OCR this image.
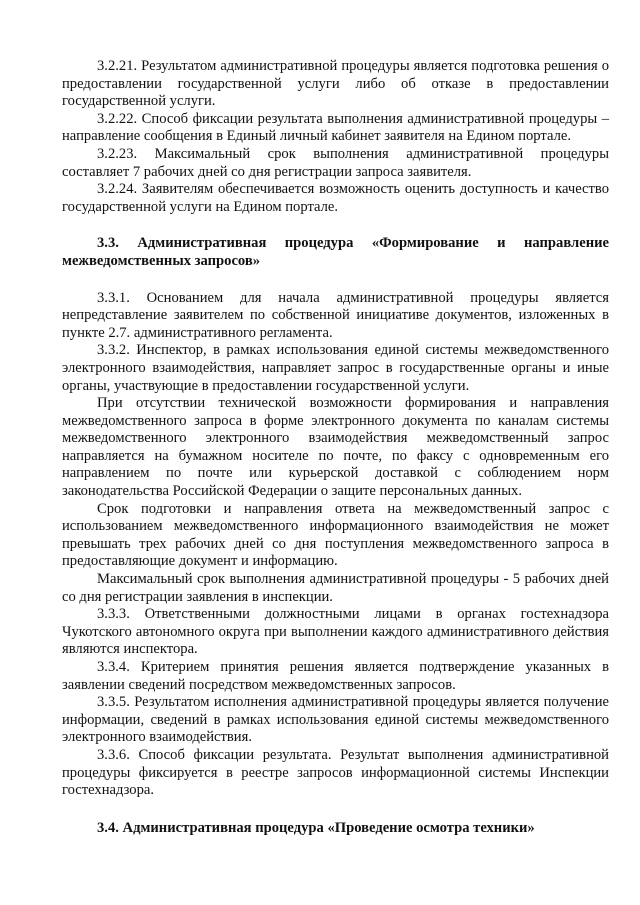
3.2.21. Результатом административной процедуры является подготовка решения о предоставлении государственной услуги либо об отказе в предоставлении государственной услуги.

3.2.22. Способ фиксации результата выполнения административной процедуры – направление сообщения в Единый личный кабинет заявителя на Едином портале.

3.2.23. Максимальный срок выполнения административной процедуры составляет 7 рабочих дней со дня регистрации запроса заявителя.

3.2.24. Заявителям обеспечивается возможность оценить доступность и качество государственной услуги на Едином портале.

3.3. Административная процедура «Формирование и направление межведомственных запросов»

3.3.1. Основанием для начала административной процедуры является непредставление заявителем по собственной инициативе документов, изложенных в пункте 2.7. административного регламента.

3.3.2. Инспектор, в рамках использования единой системы межведомственного электронного взаимодействия, направляет запрос в государственные органы и иные органы, участвующие в предоставлении государственной услуги.

При отсутствии технической возможности формирования и направления межведомственного запроса в форме электронного документа по каналам системы межведомственного электронного взаимодействия межведомственный запрос направляется на бумажном носителе по почте, по факсу с одновременным его направлением по почте или курьерской доставкой с соблюдением норм законодательства Российской Федерации о защите персональных данных.

Срок подготовки и направления ответа на межведомственный запрос с использованием межведомственного информационного взаимодействия не может превышать трех рабочих дней со дня поступления межведомственного запроса в предоставляющие документ и информацию.

Максимальный срок выполнения административной процедуры - 5 рабочих дней со дня регистрации заявления в инспекции.

3.3.3. Ответственными должностными лицами в органах гостехнадзора Чукотского автономного округа при выполнении каждого административного действия являются инспектора.

3.3.4. Критерием принятия решения является подтверждение указанных в заявлении сведений посредством межведомственных запросов.

3.3.5. Результатом исполнения административной процедуры является получение информации, сведений в рамках использования единой системы межведомственного электронного взаимодействия.

3.3.6. Способ фиксации результата. Результат выполнения административной процедуры фиксируется в реестре запросов информационной системы Инспекции гостехнадзора.

3.4. Административная процедура «Проведение осмотра техники»
